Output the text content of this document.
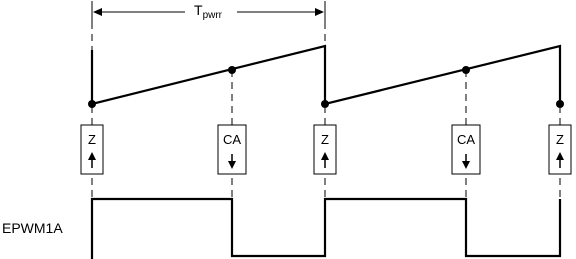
$T_{pwrr}$
Z	CA	Z	CA	Z
EPWM1A
